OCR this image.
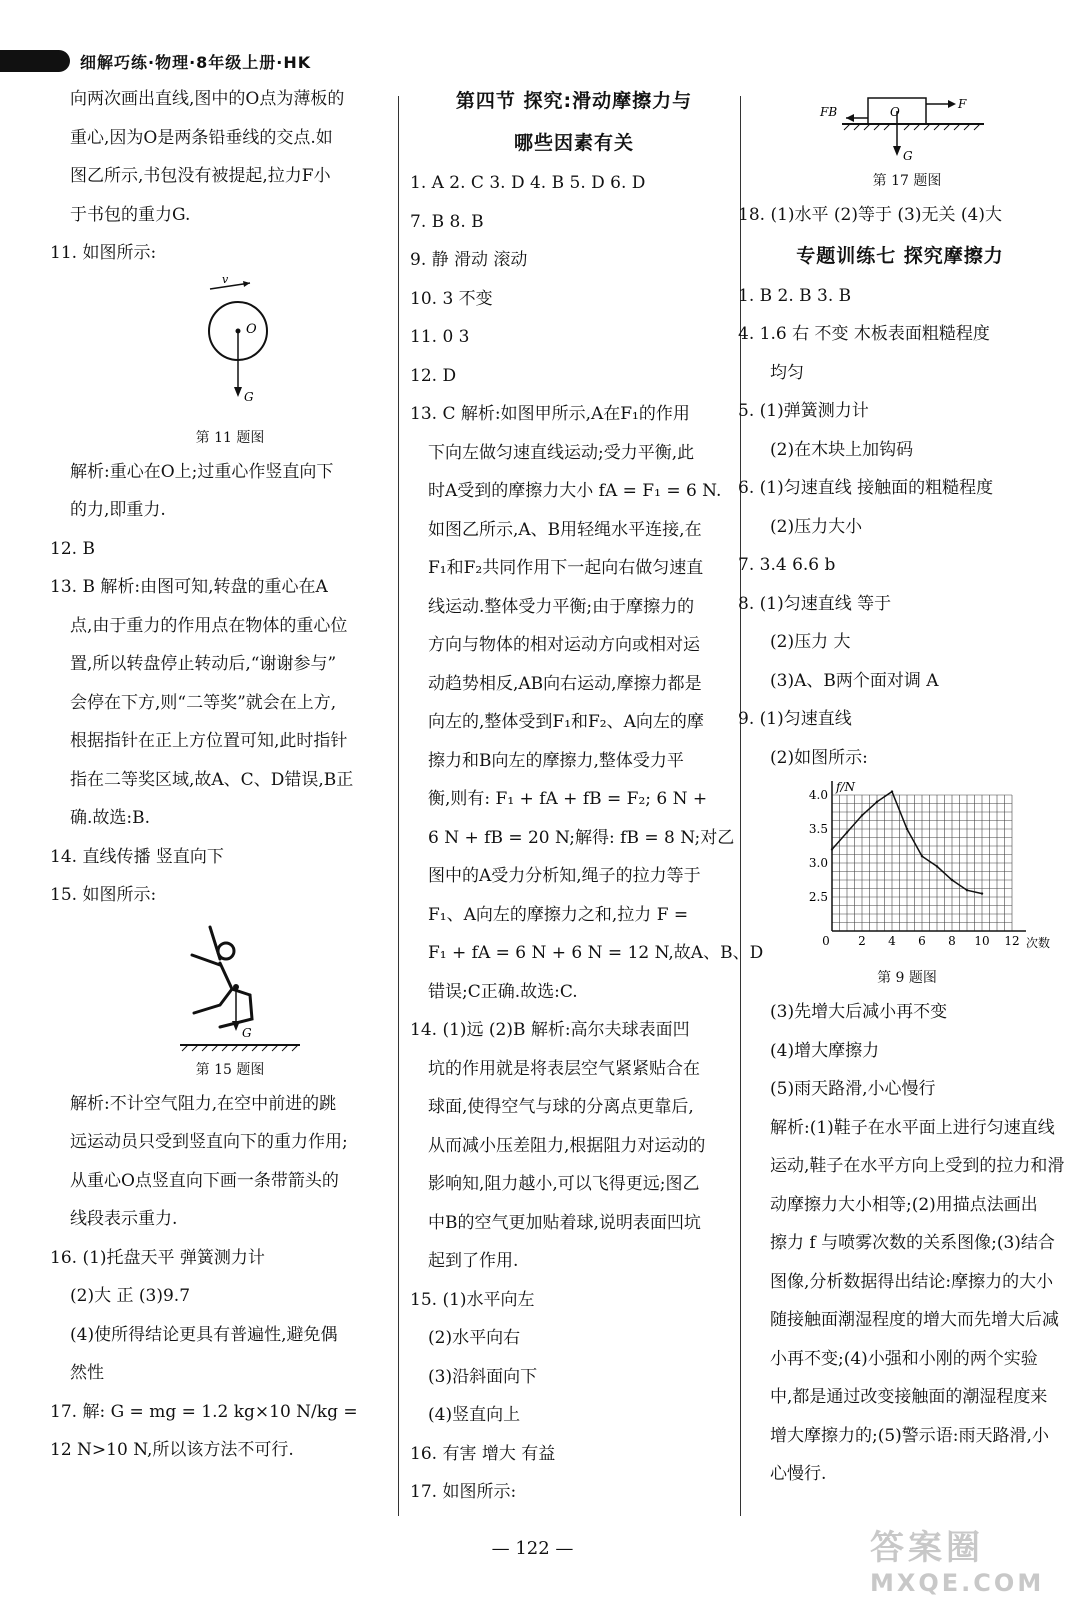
细解巧练·物理·8年级上册·HK
向两次画出直线,图中的O点为薄板的
重心,因为O是两条铅垂线的交点.如
图乙所示,书包没有被提起,拉力F小
于书包的重力G.
11. 如图所示:
v
O
G
第 11 题图
解析:重心在O上;过重心作竖直向下
的力,即重力.
12. B
13. B 解析:由图可知,转盘的重心在A
点,由于重力的作用点在物体的重心位
置,所以转盘停止转动后,“谢谢参与”
会停在下方,则“二等奖”就会在上方,
根据指针在正上方位置可知,此时指针
指在二等奖区域,故A、C、D错误,B正
确.故选:B.
14. 直线传播 竖直向下
15. 如图所示:
G
第 15 题图
解析:不计空气阻力,在空中前进的跳
远运动员只受到竖直向下的重力作用;
从重心O点竖直向下画一条带箭头的
线段表示重力.
16. (1)托盘天平 弹簧测力计
(2)大 正 (3)9.7
(4)使所得结论更具有普遍性,避免偶
然性
17. 解: G = mg = 1.2 kg×10 N/kg =
12 N>10 N,所以该方法不可行.
第四节 探究:滑动摩擦力与
哪些因素有关
1. A 2. C 3. D 4. B 5. D 6. D
7. B 8. B
9. 静 滑动 滚动
10. 3 不变
11. 0 3
12. D
13. C 解析:如图甲所示,A在F₁的作用
下向左做匀速直线运动;受力平衡,此
时A受到的摩擦力大小 fA = F₁ = 6 N.
如图乙所示,A、B用轻绳水平连接,在
F₁和F₂共同作用下一起向右做匀速直
线运动.整体受力平衡;由于摩擦力的
方向与物体的相对运动方向或相对运
动趋势相反,AB向右运动,摩擦力都是
向左的,整体受到F₁和F₂、A向左的摩
擦力和B向左的摩擦力,整体受力平
衡,则有: F₁ + fA + fB = F₂; 6 N +
6 N + fB = 20 N;解得: fB = 8 N;对乙
图中的A受力分析知,绳子的拉力等于
F₁、A向左的摩擦力之和,拉力 F =
F₁ + fA = 6 N + 6 N = 12 N,故A、B、D
错误;C正确.故选:C.
14. (1)远 (2)B 解析:高尔夫球表面凹
坑的作用就是将表层空气紧紧贴合在
球面,使得空气与球的分离点更靠后,
从而减小压差阻力,根据阻力对运动的
影响知,阻力越小,可以飞得更远;图乙
中B的空气更加贴着球,说明表面凹坑
起到了作用.
15. (1)水平向左
(2)水平向右
(3)沿斜面向下
(4)竖直向上
16. 有害 增大 有益
17. 如图所示:
FB	O
F
G
第 17 题图
18. (1)水平 (2)等于 (3)无关 (4)大
专题训练七 探究摩擦力
1. B 2. B 3. B
4. 1.6 右 不变 木板表面粗糙程度
均匀
5. (1)弹簧测力计
(2)在木块上加钩码
6. (1)匀速直线 接触面的粗糙程度
(2)压力大小
7. 3.4 6.6 b
8. (1)匀速直线 等于
(2)压力 大
(3)A、B两个面对调 A
9. (1)匀速直线
(2)如图所示:
2.5
3.0
3.5
4.0
0 2 4 6 8 10 12
f/N
次数
第 9 题图
(3)先增大后减小再不变
(4)增大摩擦力
(5)雨天路滑,小心慢行
解析:(1)鞋子在水平面上进行匀速直线
运动,鞋子在水平方向上受到的拉力和滑
动摩擦力大小相等;(2)用描点法画出
擦力 f 与喷雾次数的关系图像;(3)结合
图像,分析数据得出结论:摩擦力的大小
随接触面潮湿程度的增大而先增大后减
小再不变;(4)小强和小刚的两个实验
中,都是通过改变接触面的潮湿程度来
增大摩擦力的;(5)警示语:雨天路滑,小
心慢行.
— 122 —	答案圈
MXQE.COM
